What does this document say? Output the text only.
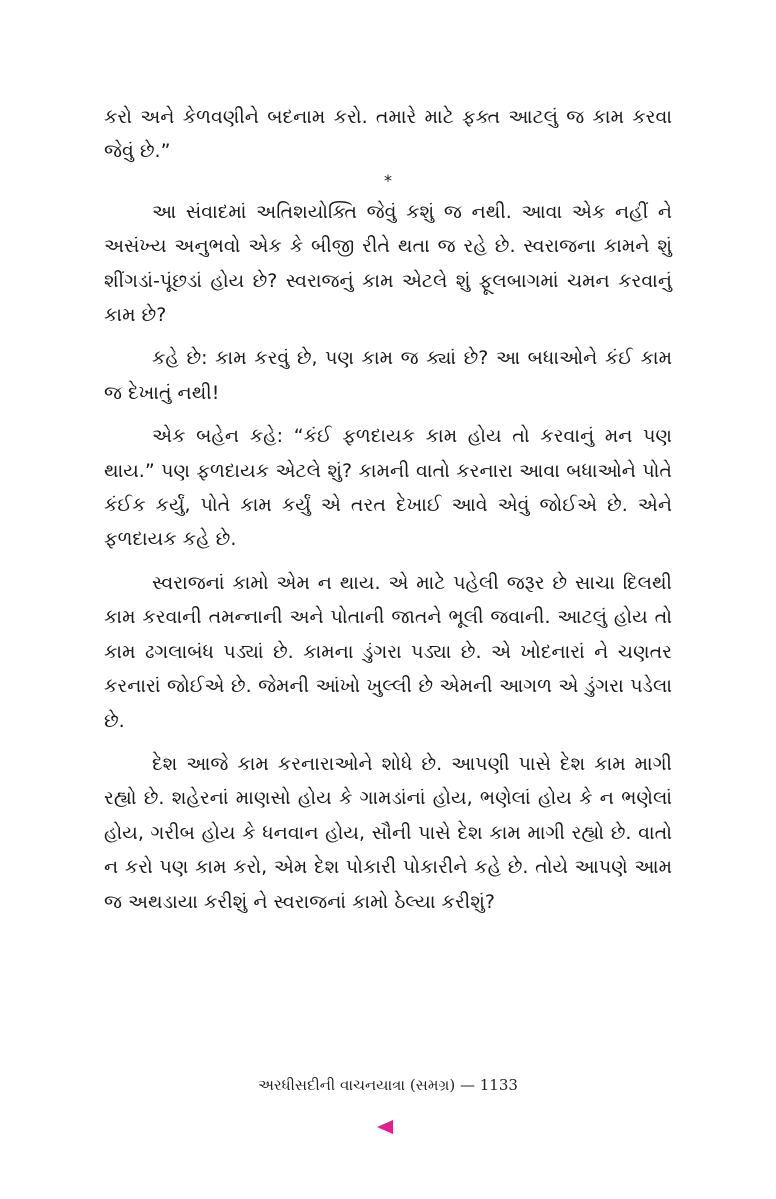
કરો અને કેળવણીને બદનામ કરો. તમારે માટે ફક્ત આટલું જ કામ કરવા જેવું છે.”

*

આ સંવાદમાં અતિશયોક્તિ જેવું કશું જ નથી. આવા એક નહીં ને અસંખ્ય અનુભવો એક કે બીજી રીતે થતા જ રહે છે. સ્વરાજના કામને શું શીંગડાં-પૂંછડાં હોય છે? સ્વરાજનું કામ એટલે શું ફૂલબાગમાં ચમન કરવાનું કામ છે?

કહે છે: કામ કરવું છે, પણ કામ જ ક્યાં છે? આ બધાઓને કંઈ કામ જ દેખાતું નથી!

એક બહેન કહે: “કંઈ ફળદાયક કામ હોય તો કરવાનું મન પણ થાય.” પણ ફળદાયક એટલે શું? કામની વાતો કરનારા આવા બધાઓને પોતે કંઈક કર્યું, પોતે કામ કર્યું એ તરત દેખાઈ આવે એવું જોઈએ છે. એને ફળદાયક કહે છે.

સ્વરાજનાં કામો એમ ન થાય. એ માટે પહેલી જરૂર છે સાચા દિલથી કામ કરવાની તમન્નાની અને પોતાની જાતને ભૂલી જવાની. આટલું હોય તો કામ ઢગલાબંધ પડ્યાં છે. કામના ડુંગરા પડ્યા છે. એ ખોદનારાં ને ચણતર કરનારાં જોઈએ છે. જેમની આંખો ખુલ્લી છે એમની આગળ એ ડુંગરા પડેલા છે.

દેશ આજે કામ કરનારાઓને શોધે છે. આપણી પાસે દેશ કામ માગી રહ્યો છે. શહેરનાં માણસો હોય કે ગામડાંનાં હોય, ભણેલાં હોય કે ન ભણેલાં હોય, ગરીબ હોય કે ધનવાન હોય, સૌની પાસે દેશ કામ માગી રહ્યો છે. વાતો ન કરો પણ કામ કરો, એમ દેશ પોકારી પોકારીને કહે છે. તોયે આપણે આમ જ અથડાયા કરીશું ને સ્વરાજનાં કામો ઠેલ્યા કરીશું?

અરધીસદીની વાચનયાત્રા (સમગ્ર) — 1133
